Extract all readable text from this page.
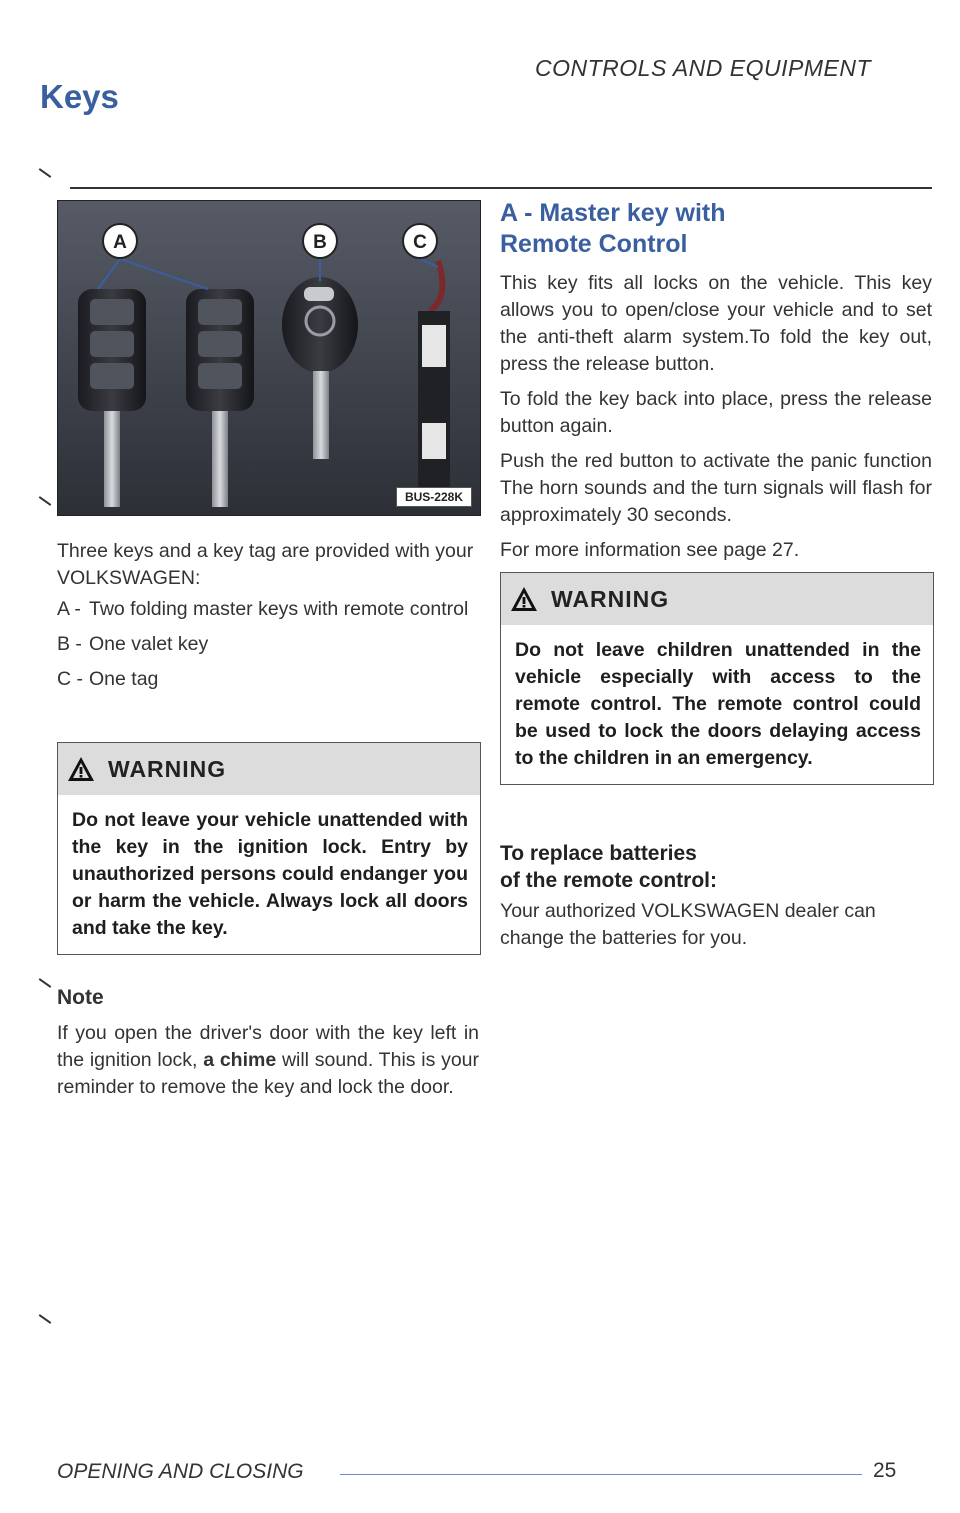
Keys
CONTROLS AND EQUIPMENT
A	B	C
BUS-228K
Three keys and a key tag are provided with your VOLKSWAGEN:
A - Two folding master keys with remote control
B - One valet key
C - One tag
WARNING
Do not leave your vehicle unattended with the key in the ignition lock. Entry by unauthorized persons could endanger you or harm the vehicle. Always lock all doors and take the key.
Note
If you open the driver's door with the key left in the ignition lock, a chime will sound. This is your reminder to remove the key and lock the door.
A - Master key with Remote Control

This key fits all locks on the vehicle. This key allows you to open/close your vehicle and to set the anti-theft alarm system.To fold the key out, press the release button.

To fold the key back into place, press the release button again.

Push the red button to activate the panic function The horn sounds and the turn signals will flash for approximately 30 seconds.

For more information see page 27.

WARNING
Do not leave children unattended in the vehicle especially with access to the remote control. The remote control could be used to lock the doors delaying access to the children in an emergency.
To replace batteries
of the remote control:
Your authorized VOLKSWAGEN dealer can change the batteries for you.
OPENING AND CLOSING	25
